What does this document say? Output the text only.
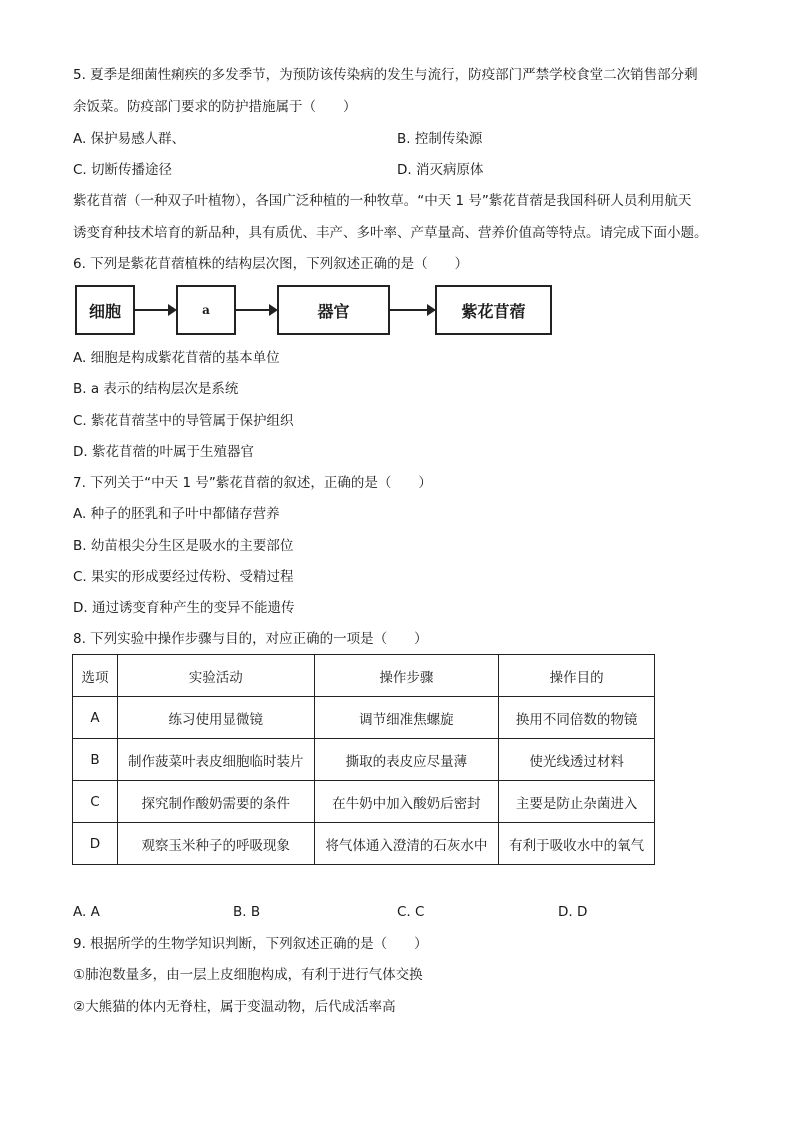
5. 夏季是细菌性痢疾的多发季节，为预防该传染病的发生与流行，防疫部门严禁学校食堂二次销售部分剩
余饭菜。防疫部门要求的防护措施属于（　　）
A. 保护易感人群、	B. 控制传染源
C. 切断传播途径	D. 消灭病原体
紫花苜蓿（一种双子叶植物），各国广泛种植的一种牧草。“中天 1 号”紫花苜蓿是我国科研人员利用航天
诱变育种技术培育的新品种，具有质优、丰产、多叶率、产草量高、营养价值高等特点。请完成下面小题。
6. 下列是紫花苜蓿植株的结构层次图，下列叙述正确的是（　　）
细胞	a	器官	紫花苜蓿
A. 细胞是构成紫花苜蓿的基本单位
B. a 表示的结构层次是系统
C. 紫花苜蓿茎中的导管属于保护组织
D. 紫花苜蓿的叶属于生殖器官
7. 下列关于“中天 1 号”紫花苜蓿的叙述，正确的是（　　）
A. 种子的胚乳和子叶中都储存营养
B. 幼苗根尖分生区是吸水的主要部位
C. 果实的形成要经过传粉、受精过程
D. 通过诱变育种产生的变异不能遗传
8. 下列实验中操作步骤与目的，对应正确的一项是（　　）
选项	实验活动	操作步骤	操作目的
A	练习使用显微镜	调节细准焦螺旋	换用不同倍数的物镜
B	制作菠菜叶表皮细胞临时装片	撕取的表皮应尽量薄	使光线透过材料
C	探究制作酸奶需要的条件	在牛奶中加入酸奶后密封	主要是防止杂菌进入
D	观察玉米种子的呼吸现象	将气体通入澄清的石灰水中	有利于吸收水中的氧气
A. A	B. B	C. C	D. D
9. 根据所学的生物学知识判断，下列叙述正确的是（　　）
①肺泡数量多，由一层上皮细胞构成，有利于进行气体交换
②大熊猫的体内无脊柱，属于变温动物，后代成活率高
